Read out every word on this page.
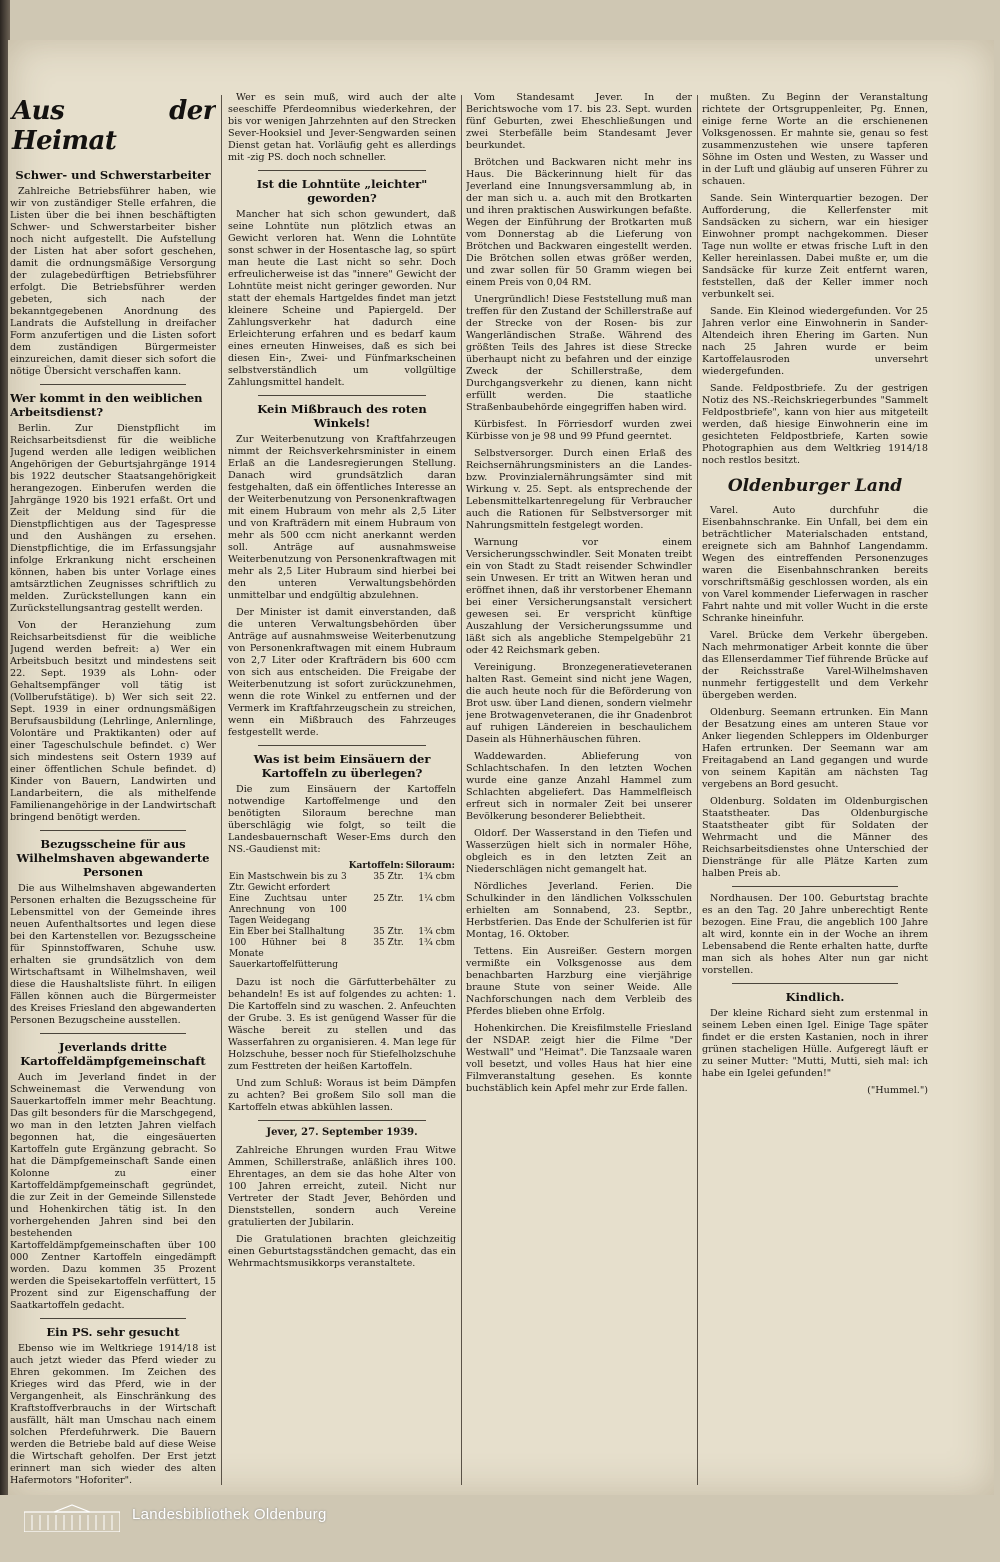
Aus der Heimat
Schwer- und Schwerstarbeiter

Zahlreiche Betriebsführer haben, wie wir von zuständiger Stelle erfahren, die Listen über die bei ihnen beschäftigten Schwer- und Schwerstarbeiter bisher noch nicht aufgestellt. Die Aufstellung der Listen hat aber sofort geschehen, damit die ordnungsmäßige Versorgung der zulagebedürftigen Betriebsführer erfolgt. Die Betriebsführer werden gebeten, sich nach der bekanntgegebenen Anordnung des Landrats die Aufstellung in dreifacher Form anzufertigen und die Listen sofort dem zuständigen Bürgermeister einzureichen, damit dieser sich sofort die nötige Übersicht verschaffen kann.

Wer kommt in den weiblichen Arbeitsdienst?

Berlin. Zur Dienstpflicht im Reichsarbeitsdienst für die weibliche Jugend werden alle ledigen weiblichen Angehörigen der Geburtsjahrgänge 1914 bis 1922 deutscher Staatsangehörigkeit herangezogen. Einberufen werden die Jahrgänge 1920 bis 1921 erfaßt. Ort und Zeit der Meldung sind für die Dienstpflichtigen aus der Tagespresse und den Aushängen zu ersehen. Dienstpflichtige, die im Erfassungsjahr infolge Erkrankung nicht erscheinen können, haben bis unter Vorlage eines amtsärztlichen Zeugnisses schriftlich zu melden. Zurückstellungen kann ein Zurückstellungsantrag gestellt werden.

Von der Heranziehung zum Reichsarbeitsdienst für die weibliche Jugend werden befreit: a) Wer ein Arbeitsbuch besitzt und mindestens seit 22. Sept. 1939 als Lohn- oder Gehaltsempfänger voll tätig ist (Vollberufstätige). b) Wer sich seit 22. Sept. 1939 in einer ordnungsmäßigen Berufsausbildung (Lehrlinge, Anlernlinge, Volontäre und Praktikanten) oder auf einer Tageschulschule befindet. c) Wer sich mindestens seit Ostern 1939 auf einer öffentlichen Schule befindet. d) Kinder von Bauern, Landwirten und Landarbeitern, die als mithelfende Familienangehörige in der Landwirtschaft bringend benötigt werden.

Bezugsscheine für aus Wilhelmshaven abgewanderte Personen

Die aus Wilhelmshaven abgewanderten Personen erhalten die Bezugsscheine für Lebensmittel von der Gemeinde ihres neuen Aufenthaltsortes und legen diese bei den Kartenstellen vor. Bezugsscheine für Spinnstoffwaren, Schuhe usw. erhalten sie grundsätzlich von dem Wirtschaftsamt in Wilhelmshaven, weil diese die Haushaltsliste führt. In eiligen Fällen können auch die Bürgermeister des Kreises Friesland den abgewanderten Personen Bezugscheine ausstellen.

Jeverlands dritte Kartoffeldämpfgemeinschaft

Auch im Jeverland findet in der Schweinemast die Verwendung von Sauerkartoffeln immer mehr Beachtung. Das gilt besonders für die Marschgegend, wo man in den letzten Jahren vielfach begonnen hat, die eingesäuerten Kartoffeln gute Ergänzung gebracht. So hat die Dämpfgemeinschaft Sande einen Kolonne zu einer Kartoffeldämpfgemeinschaft gegründet, die zur Zeit in der Gemeinde Sillenstede und Hohenkirchen tätig ist. In den vorhergehenden Jahren sind bei den bestehenden Kartoffeldämpfgemeinschaften über 100 000 Zentner Kartoffeln eingedämpft worden. Dazu kommen 35 Prozent werden die Speisekartoffeln verfüttert, 15 Prozent sind zur Eigenschaffung der Saatkartoffeln gedacht.

Ein PS. sehr gesucht

Ebenso wie im Weltkriege 1914/18 ist auch jetzt wieder das Pferd wieder zu Ehren gekommen. Im Zeichen des Krieges wird das Pferd, wie in der Vergangenheit, als Einschränkung des Kraftstoffverbrauchs in der Wirtschaft ausfällt, hält man Umschau nach einem solchen Pferdefuhrwerk. Die Bauern werden die Betriebe bald auf diese Weise die Wirtschaft geholfen. Der Erst jetzt erinnert man sich wieder des alten Hafermotors "Hoforiter".

Wer es sein muß, wird auch der alte seeschiffe Pferdeomnibus wiederkehren, der bis vor wenigen Jahrzehnten auf den Strecken Sever-Hooksiel und Jever-Sengwarden seinen Dienst getan hat. Vorläufig geht es allerdings mit -zig PS. doch noch schneller.

Ist die Lohntüte „leichter" geworden?

Mancher hat sich schon gewundert, daß seine Lohntüte nun plötzlich etwas an Gewicht verloren hat. Wenn die Lohntüte sonst schwer in der Hosentasche lag, so spürt man heute die Last nicht so sehr. Doch erfreulicherweise ist das "innere" Gewicht der Lohntüte meist nicht geringer geworden. Nur statt der ehemals Hartgeldes findet man jetzt kleinere Scheine und Papiergeld. Der Zahlungsverkehr hat dadurch eine Erleichterung erfahren und es bedarf kaum eines erneuten Hinweises, daß es sich bei diesen Ein-, Zwei- und Fünfmarkscheinen selbstverständlich um vollgültige Zahlungsmittel handelt.

Kein Mißbrauch des roten Winkels!

Zur Weiterbenutzung von Kraftfahrzeugen nimmt der Reichsverkehrsminister in einem Erlaß an die Landesregierungen Stellung. Danach wird grundsätzlich daran festgehalten, daß ein öffentliches Interesse an der Weiterbenutzung von Personenkraftwagen mit einem Hubraum von mehr als 2,5 Liter und von Krafträdern mit einem Hubraum von mehr als 500 ccm nicht anerkannt werden soll. Anträge auf ausnahmsweise Weiterbenutzung von Personenkraftwagen mit mehr als 2,5 Liter Hubraum sind hierbei bei den unteren Verwaltungsbehörden unmittelbar und endgültig abzulehnen.

Der Minister ist damit einverstanden, daß die unteren Verwaltungsbehörden über Anträge auf ausnahmsweise Weiterbenutzung von Personenkraftwagen mit einem Hubraum von 2,7 Liter oder Krafträdern bis 600 ccm von sich aus entscheiden. Die Freigabe der Weiterbenutzung ist sofort zurückzunehmen, wenn die rote Winkel zu entfernen und der Vermerk im Kraftfahrzeugschein zu streichen, wenn ein Mißbrauch des Fahrzeuges festgestellt werde.

Was ist beim Einsäuern der Kartoffeln zu überlegen?

Die zum Einsäuern der Kartoffeln notwendige Kartoffelmenge und den benötigten Siloraum berechne man überschlägig wie folgt, so teilt die Landesbauernschaft Weser-Ems durch den NS.-Gaudienst mit:

	Kartoffeln:	Siloraum:
Ein Mastschwein bis zu 3 Ztr. Gewicht erfordert	35 Ztr.	1¾ cbm
Eine Zuchtsau unter Anrechnung von 100 Tagen Weidegang	25 Ztr.	1¼ cbm
Ein Eber bei Stallhaltung	35 Ztr.	1¾ cbm
100 Hühner bei 8 Monate Sauerkartoffelfütterung	35 Ztr.	1¾ cbm

Dazu ist noch die Gärfutterbehälter zu behandeln! Es ist auf folgendes zu achten: 1. Die Kartoffeln sind zu waschen. 2. Anfeuchten der Grube. 3. Es ist genügend Wasser für die Wäsche bereit zu stellen und das Wasserfahren zu organisieren. 4. Man lege für Holzschuhe, besser noch für Stiefelholzschuhe zum Festtreten der heißen Kartoffeln.

Und zum Schluß: Woraus ist beim Dämpfen zu achten? Bei großem Silo soll man die Kartoffeln etwas abkühlen lassen.

Jever, 27. September 1939.

Zahlreiche Ehrungen wurden Frau Witwe Ammen, Schillerstraße, anläßlich ihres 100. Ehrentages, an dem sie das hohe Alter von 100 Jahren erreicht, zuteil. Nicht nur Vertreter der Stadt Jever, Behörden und Dienststellen, sondern auch Vereine gratulierten der Jubilarin.

Die Gratulationen brachten gleichzeitig einen Geburtstagsständchen gemacht, das ein Wehrmachtsmusikkorps veranstaltete.

Vom Standesamt Jever. In der Berichtswoche vom 17. bis 23. Sept. wurden fünf Geburten, zwei Eheschließungen und zwei Sterbefälle beim Standesamt Jever beurkundet.

Brötchen und Backwaren nicht mehr ins Haus. Die Bäckerinnung hielt für das Jeverland eine Innungsversammlung ab, in der man sich u. a. auch mit den Brotkarten und ihren praktischen Auswirkungen befaßte. Wegen der Einführung der Brotkarten muß vom Donnerstag ab die Lieferung von Brötchen und Backwaren eingestellt werden. Die Brötchen sollen etwas größer werden, und zwar sollen für 50 Gramm wiegen bei einem Preis von 0,04 RM.

Unergründlich! Diese Feststellung muß man treffen für den Zustand der Schillerstraße auf der Strecke von der Rosen- bis zur Wangerländischen Straße. Während des größten Teils des Jahres ist diese Strecke überhaupt nicht zu befahren und der einzige Zweck der Schillerstraße, dem Durchgangsverkehr zu dienen, kann nicht erfüllt werden. Die staatliche Straßenbaubehörde eingegriffen haben wird.

Kürbisfest. In Förriesdorf wurden zwei Kürbisse von je 98 und 99 Pfund geerntet.

Selbstversorger. Durch einen Erlaß des Reichsernährungsministers an die Landes- bzw. Provinzialernährungsämter sind mit Wirkung v. 25. Sept. als entsprechende der Lebensmittelkartenregelung für Verbraucher auch die Rationen für Selbstversorger mit Nahrungsmitteln festgelegt worden.

Warnung vor einem Versicherungsschwindler. Seit Monaten treibt ein von Stadt zu Stadt reisender Schwindler sein Unwesen. Er tritt an Witwen heran und eröffnet ihnen, daß ihr verstorbener Ehemann bei einer Versicherungsanstalt versichert gewesen sei. Er verspricht künftige Auszahlung der Versicherungssumme und läßt sich als angebliche Stempelgebühr 21 oder 42 Reichsmark geben.

Vereinigung. Bronzegeneratieveteranen halten Rast. Gemeint sind nicht jene Wagen, die auch heute noch für die Beförderung von Brot usw. über Land dienen, sondern vielmehr jene Brotwagenveteranen, die ihr Gnadenbrot auf ruhigen Ländereien in beschaulichem Dasein als Hühnerhäuschen führen.

Waddewarden. Ablieferung von Schlachtschafen. In den letzten Wochen wurde eine ganze Anzahl Hammel zum Schlachten abgeliefert. Das Hammelfleisch erfreut sich in normaler Zeit bei unserer Bevölkerung besonderer Beliebtheit.

Oldorf. Der Wasserstand in den Tiefen und Wasserzügen hielt sich in normaler Höhe, obgleich es in den letzten Zeit an Niederschlägen nicht gemangelt hat.

Nördliches Jeverland. Ferien. Die Schulkinder in den ländlichen Volksschulen erhielten am Sonnabend, 23. Septbr., Herbstferien. Das Ende der Schulferien ist für Montag, 16. Oktober.

Tettens. Ein Ausreißer. Gestern morgen vermißte ein Volksgenosse aus dem benachbarten Harzburg eine vierjährige braune Stute von seiner Weide. Alle Nachforschungen nach dem Verbleib des Pferdes blieben ohne Erfolg.

Hohenkirchen. Die Kreisfilmstelle Friesland der NSDAP. zeigt hier die Filme "Der Westwall" und "Heimat". Die Tanzsaale waren voll besetzt, und volles Haus hat hier eine Filmveranstaltung gesehen. Es konnte buchstäblich kein Apfel mehr zur Erde fallen.

mußten. Zu Beginn der Veranstaltung richtete der Ortsgruppenleiter, Pg. Ennen, einige ferne Worte an die erschienenen Volksgenossen. Er mahnte sie, genau so fest zusammenzustehen wie unsere tapferen Söhne im Osten und Westen, zu Wasser und in der Luft und gläubig auf unseren Führer zu schauen.

Sande. Sein Winterquartier bezogen. Der Aufforderung, die Kellerfenster mit Sandsäcken zu sichern, war ein hiesiger Einwohner prompt nachgekommen. Dieser Tage nun wollte er etwas frische Luft in den Keller hereinlassen. Dabei mußte er, um die Sandsäcke für kurze Zeit entfernt waren, feststellen, daß der Keller immer noch verbunkelt sei.

Sande. Ein Kleinod wiedergefunden. Vor 25 Jahren verlor eine Einwohnerin in Sander-Altendeich ihren Ehering im Garten. Nun nach 25 Jahren wurde er beim Kartoffelausroden unversehrt wiedergefunden.

Sande. Feldpostbriefe. Zu der gestrigen Notiz des NS.-Reichskriegerbundes "Sammelt Feldpostbriefe", kann von hier aus mitgeteilt werden, daß hiesige Einwohnerin eine im gesichteten Feldpostbriefe, Karten sowie Photographien aus dem Weltkrieg 1914/18 noch restlos besitzt.

Oldenburger Land

Varel. Auto durchfuhr die Eisenbahnschranke. Ein Unfall, bei dem ein beträchtlicher Materialschaden entstand, ereignete sich am Bahnhof Langendamm. Wegen des eintreffenden Personenzuges waren die Eisenbahnschranken bereits vorschriftsmäßig geschlossen worden, als ein von Varel kommender Lieferwagen in rascher Fahrt nahte und mit voller Wucht in die erste Schranke hineinfuhr.

Varel. Brücke dem Verkehr übergeben. Nach mehrmonatiger Arbeit konnte die über das Ellenserdammer Tief führende Brücke auf der Reichsstraße Varel-Wilhelmshaven nunmehr fertiggestellt und dem Verkehr übergeben werden.

Oldenburg. Seemann ertrunken. Ein Mann der Besatzung eines am unteren Staue vor Anker liegenden Schleppers im Oldenburger Hafen ertrunken. Der Seemann war am Freitagabend an Land gegangen und wurde von seinem Kapitän am nächsten Tag vergebens an Bord gesucht.

Oldenburg. Soldaten im Oldenburgischen Staatstheater. Das Oldenburgische Staatstheater gibt für Soldaten der Wehrmacht und die Männer des Reichsarbeitsdienstes ohne Unterschied der Dienstränge für alle Plätze Karten zum halben Preis ab.

Nordhausen. Der 100. Geburtstag brachte es an den Tag. 20 Jahre unberechtigt Rente bezogen. Eine Frau, die angeblich 100 Jahre alt wird, konnte ein in der Woche an ihrem Lebensabend die Rente erhalten hatte, durfte man sich als hohes Alter nun gar nicht vorstellen.

Kindlich.

Der kleine Richard sieht zum erstenmal in seinem Leben einen Igel. Einige Tage später findet er die ersten Kastanien, noch in ihrer grünen stacheligen Hülle. Aufgeregt läuft er zu seiner Mutter: "Mutti, Mutti, sieh mal: ich habe ein Igelei gefunden!"

("Hummel.")
Landesbibliothek Oldenburg
